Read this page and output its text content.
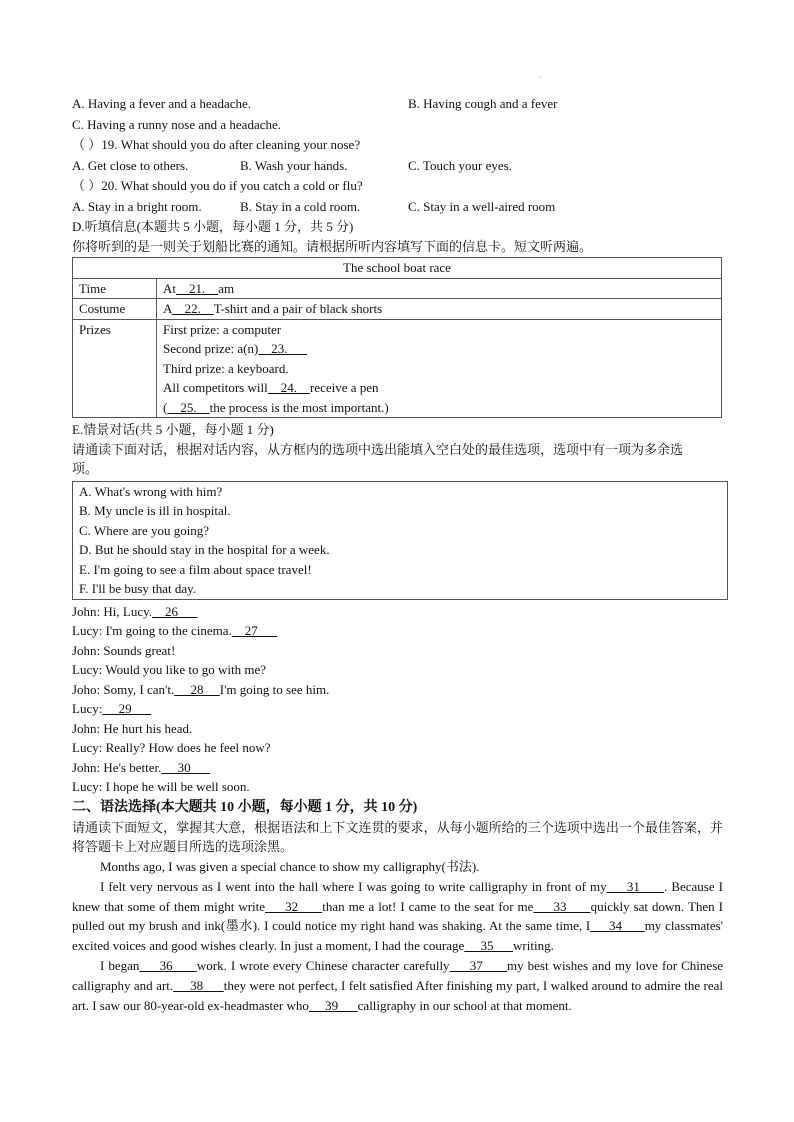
'
A. Having a fever and a headache.	B. Having cough and a fever
C. Having a runny nose and a headache.
（ ）19. What should you do after cleaning your nose?
A. Get close to others.	B. Wash your hands.	C. Touch your eyes.
（ ）20. What should you do if you catch a cold or flu?
A. Stay in a bright room.	B. Stay in a cold room.	C. Stay in a well-aired room
D.听填信息(本题共 5 小题，每小题 1 分，共 5 分)
你将听到的是一则关于划船比赛的通知。请根据所听内容填写下面的信息卡。短文听两遍。
The school boat race	
Time	At    21.    am
Costume	A    22.    T-shirt and a pair of black shorts
Prizes	First prize: a computer
Second prize: a(n)    23.
Third prize: a keyboard.
All competitors will    24.    receive a pen
(    25.    the process is the most important.)
E.情景对话(共 5 小题，每小题 1 分)
请通读下面对话，根据对话内容，从方框内的选项中选出能填入空白处的最佳选项，选项中有一项为多余选
项。
A. What's wrong with him?
B. My uncle is ill in hospital.
C. Where are you going?
D. But he should stay in the hospital for a week.
E. I'm going to see a film about space travel!
F. I'll be busy that day.
John: Hi, Lucy.    26
Lucy: I'm going to the cinema.    27
John: Sounds great!
Lucy: Would you like to go with me?
Joho: Somy, I can't.     28     I'm going to see him.
Lucy:     29
John: He hurt his head.
Lucy: Really? How does he feel now?
John: He's better.     30
Lucy: I hope he will be well soon.
二、语法选择(本大题共 10 小题，每小题 1 分，共 10 分)
请通读下面短文，掌握其大意，根据语法和上下文连贯的要求，从每小题所给的三个选项中选出一个最佳答案，并将答题卡上对应题目所选的选项涂黑。
Months ago, I was given a special chance to show my calligraphy(书法).
I felt very nervous as I went into the hall where I was going to write calligraphy in front of my     31      . Because I knew that some of them might write     32      than me a lot! I came to the seat for me     33      quickly sat down. Then I pulled out my brush and ink(墨水). I could notice my right hand was shaking. At the same time, I     34      my classmates' excited voices and good wishes clearly. In just a moment, I had the courage     35      writing.
I began     36      work. I wrote every Chinese character carefully     37      my best wishes and my love for Chinese calligraphy and art.     38      they were not perfect, I felt satisfied After finishing my part, I walked around to admire the real art. I saw our 80-year-old ex-headmaster who     39      calligraphy in our school at that moment.
